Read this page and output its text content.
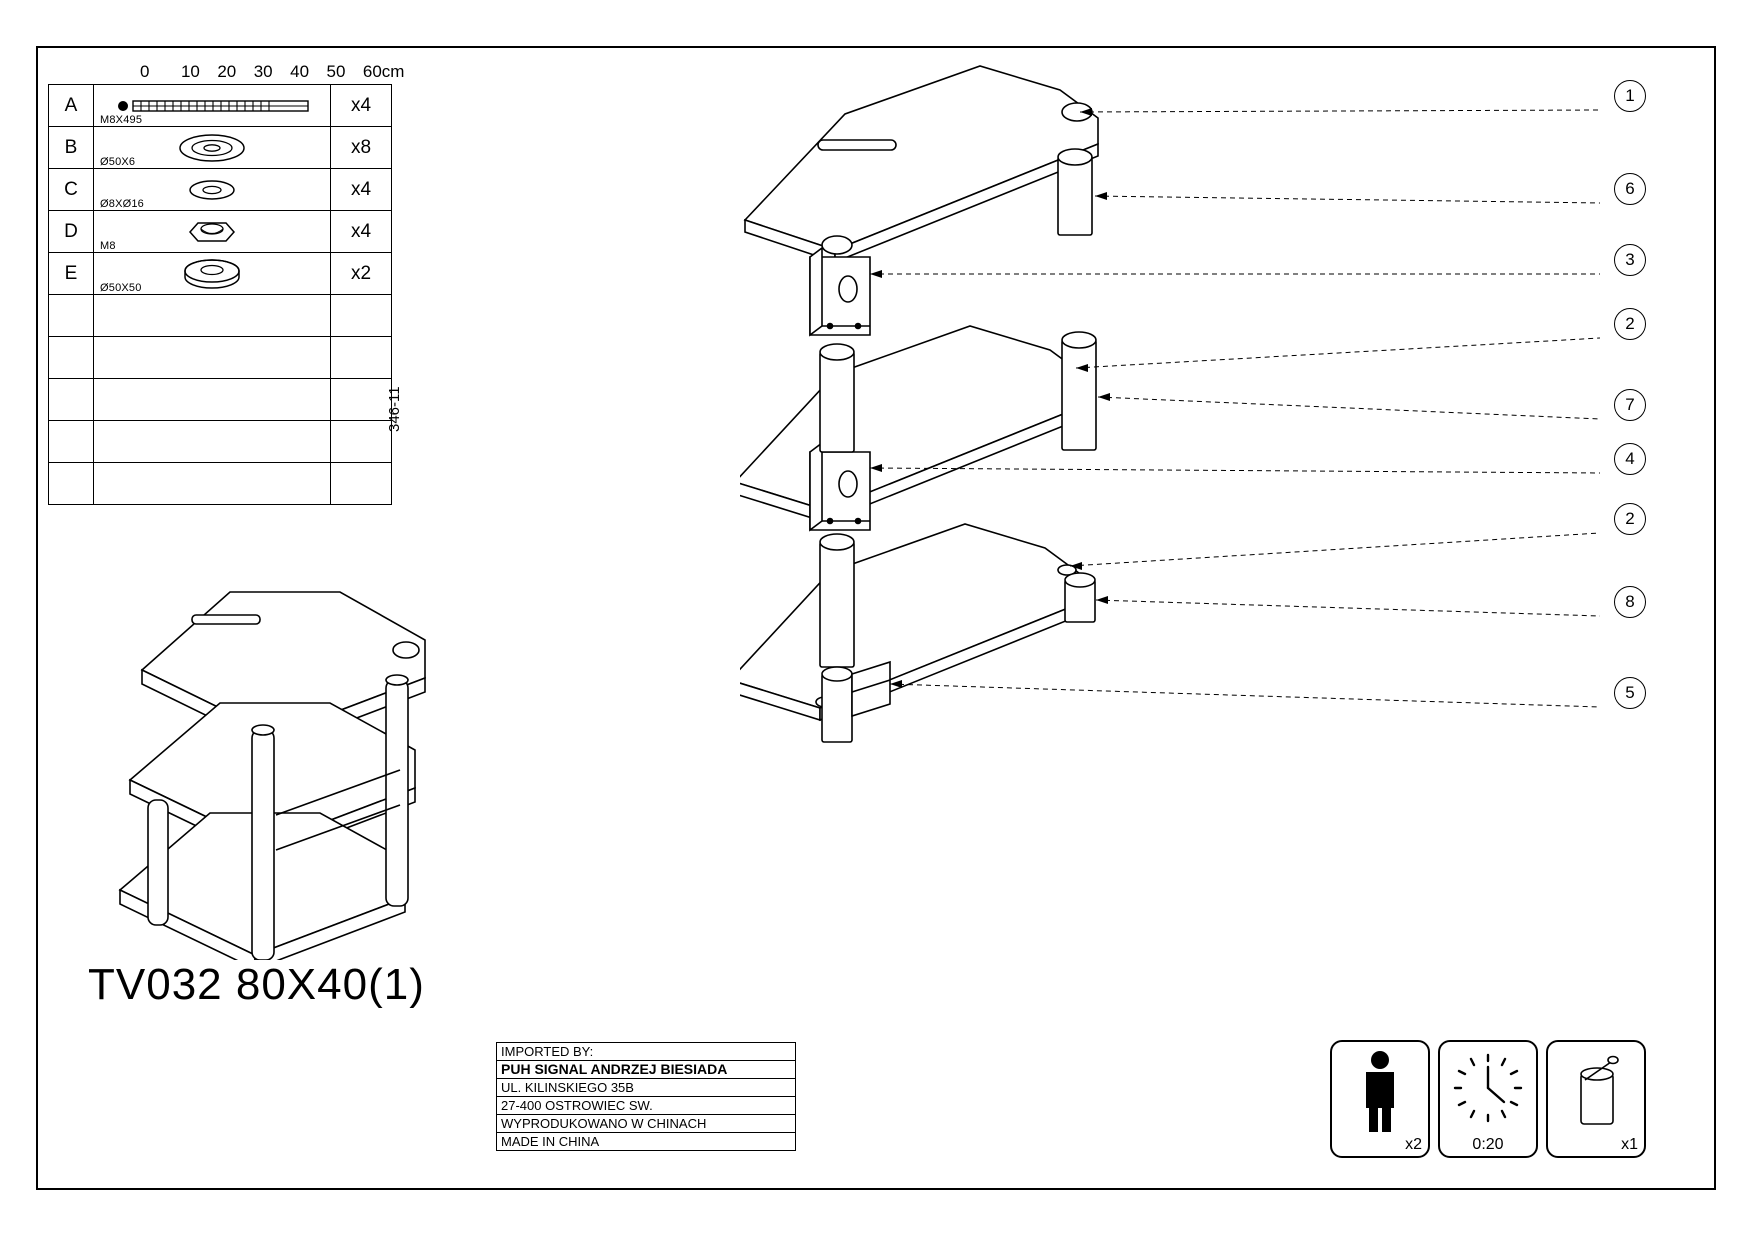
0 10 20 30 40 50 60cm
A	M8X495	x4
B	Ø50X6	x8
C	Ø8XØ16	x4
D	M8	x4
E	Ø50X50	x2

346-11
1
6
3
2
7
4
2
8
5
TV032 80X40(1)
IMPORTED BY:
PUH SIGNAL ANDRZEJ BIESIADA
UL. KILINSKIEGO 35B
27-400 OSTROWIEC SW.
WYPRODUKOWANO W CHINACH
MADE IN CHINA	x2	0:20	x1
